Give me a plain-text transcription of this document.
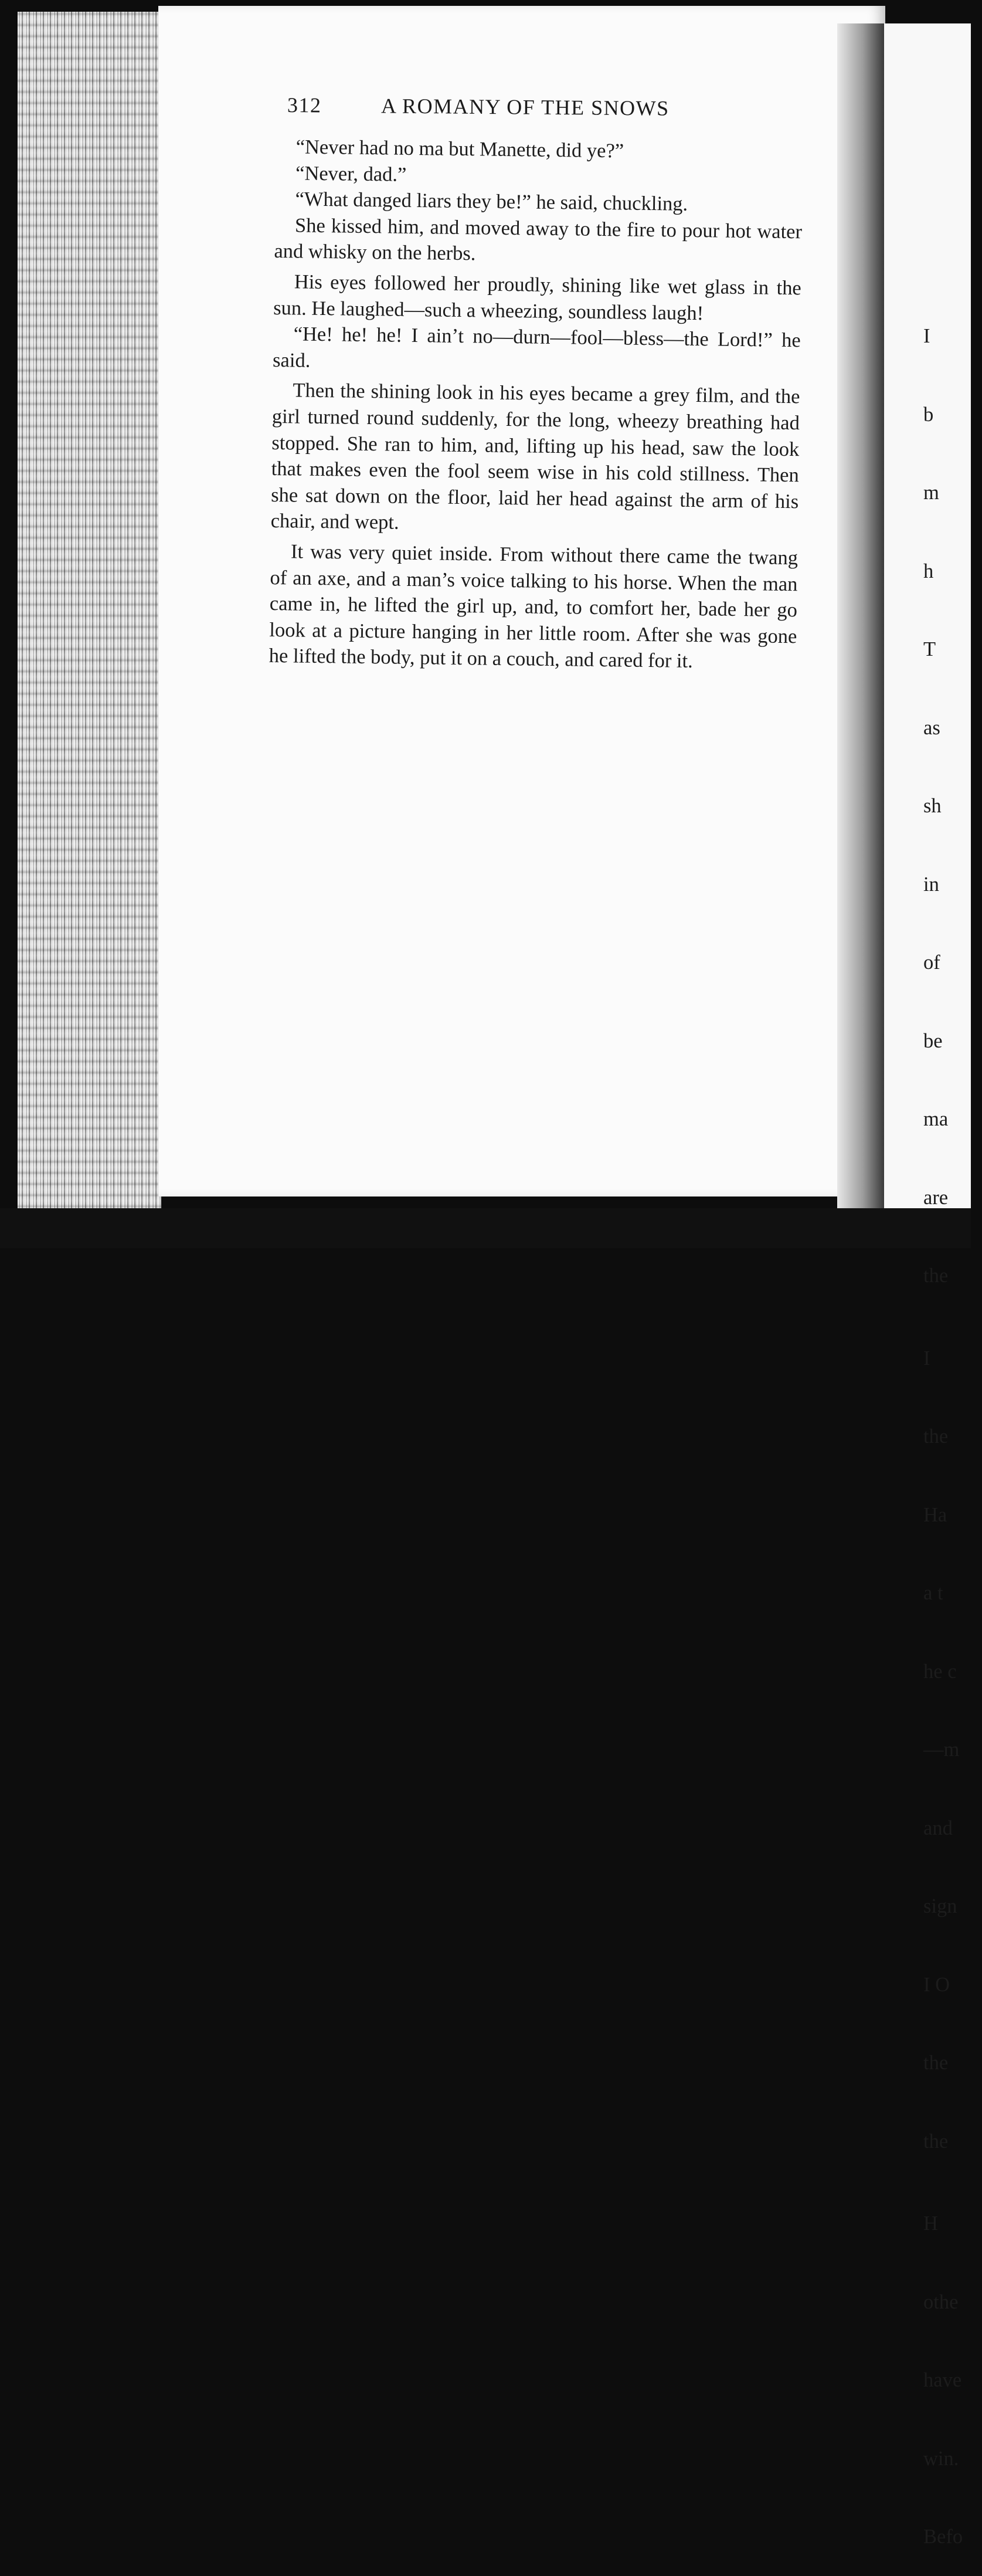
312	A ROMANY OF THE SNOWS

“Never had no ma but Manette, did ye?”

“Never, dad.”

“What danged liars they be!” he said, chuckling.

She kissed him, and moved away to the fire to pour hot water and whisky on the herbs.

His eyes followed her proudly, shining like wet glass in the sun. He laughed—such a wheezing, soundless laugh!

“He! he! he! I ain’t no—durn—fool—bless—the Lord!” he said.

Then the shining look in his eyes became a grey film, and the girl turned round suddenly, for the long, wheezy breathing had stopped. She ran to him, and, lifting up his head, saw the look that makes even the fool seem wise in his cold stillness. Then she sat down on the floor, laid her head against the arm of his chair, and wept.

It was very quiet inside. From without there came the twang of an axe, and a man’s voice talking to his horse. When the man came in, he lifted the girl up, and, to comfort her, bade her go look at a picture hanging in her little room. After she was gone he lifted the body, put it on a couch, and cared for it.

I

b

m

h

T

as

sh

in

of

be

ma

are

the

I

the

Ha

a t

he c

—m

and

sign

I O

the

the

H

othe

have

win.

Befo
